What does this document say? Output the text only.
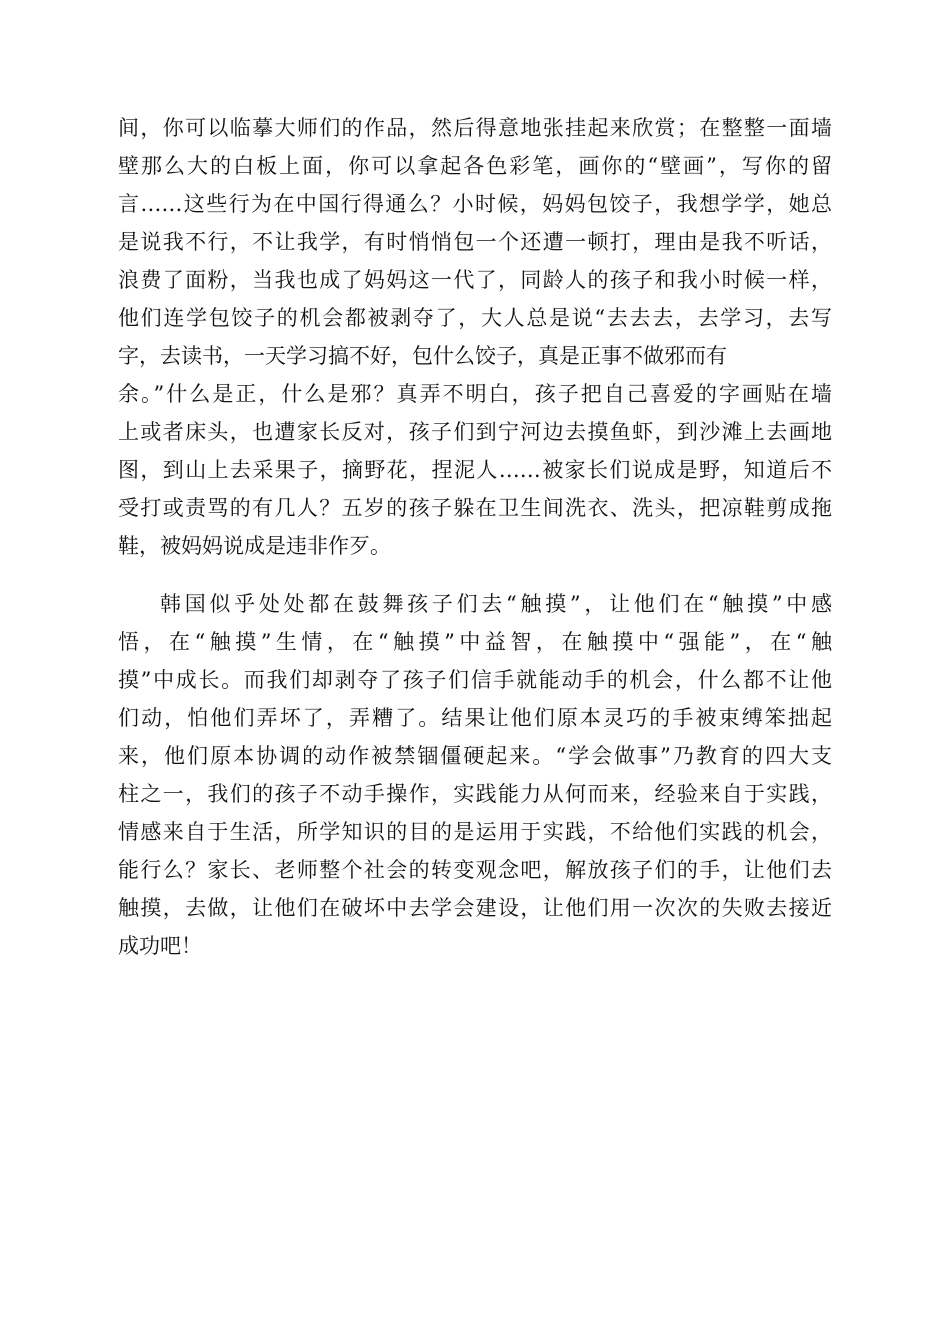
间，你可以临摹大师们的作品，然后得意地张挂起来欣赏；在整整一面墙
壁那么大的白板上面，你可以拿起各色彩笔，画你的“壁画”，写你的留
言……这些行为在中国行得通么？小时候，妈妈包饺子，我想学学，她总
是说我不行，不让我学，有时悄悄包一个还遭一顿打，理由是我不听话，
浪费了面粉，当我也成了妈妈这一代了，同龄人的孩子和我小时候一样，
他们连学包饺子的机会都被剥夺了，大人总是说“去去去，去学习，去写
字，去读书，一天学习搞不好，包什么饺子，真是正事不做邪而有
余。”什么是正，什么是邪？真弄不明白，孩子把自己喜爱的字画贴在墙
上或者床头，也遭家长反对，孩子们到宁河边去摸鱼虾，到沙滩上去画地
图，到山上去采果子，摘野花，捏泥人……被家长们说成是野，知道后不
受打或责骂的有几人？五岁的孩子躲在卫生间洗衣、洗头，把凉鞋剪成拖
鞋，被妈妈说成是违非作歹。
韩国似乎处处都在鼓舞孩子们去“触摸”，让他们在“触摸”中感
悟，在“触摸”生情，在“触摸”中益智，在触摸中“强能”，在“触
摸”中成长。而我们却剥夺了孩子们信手就能动手的机会，什么都不让他
们动，怕他们弄坏了，弄糟了。结果让他们原本灵巧的手被束缚笨拙起
来，他们原本协调的动作被禁锢僵硬起来。“学会做事”乃教育的四大支
柱之一，我们的孩子不动手操作，实践能力从何而来，经验来自于实践，
情感来自于生活，所学知识的目的是运用于实践，不给他们实践的机会，
能行么？家长、老师整个社会的转变观念吧，解放孩子们的手，让他们去
触摸，去做，让他们在破坏中去学会建设，让他们用一次次的失败去接近
成功吧！
